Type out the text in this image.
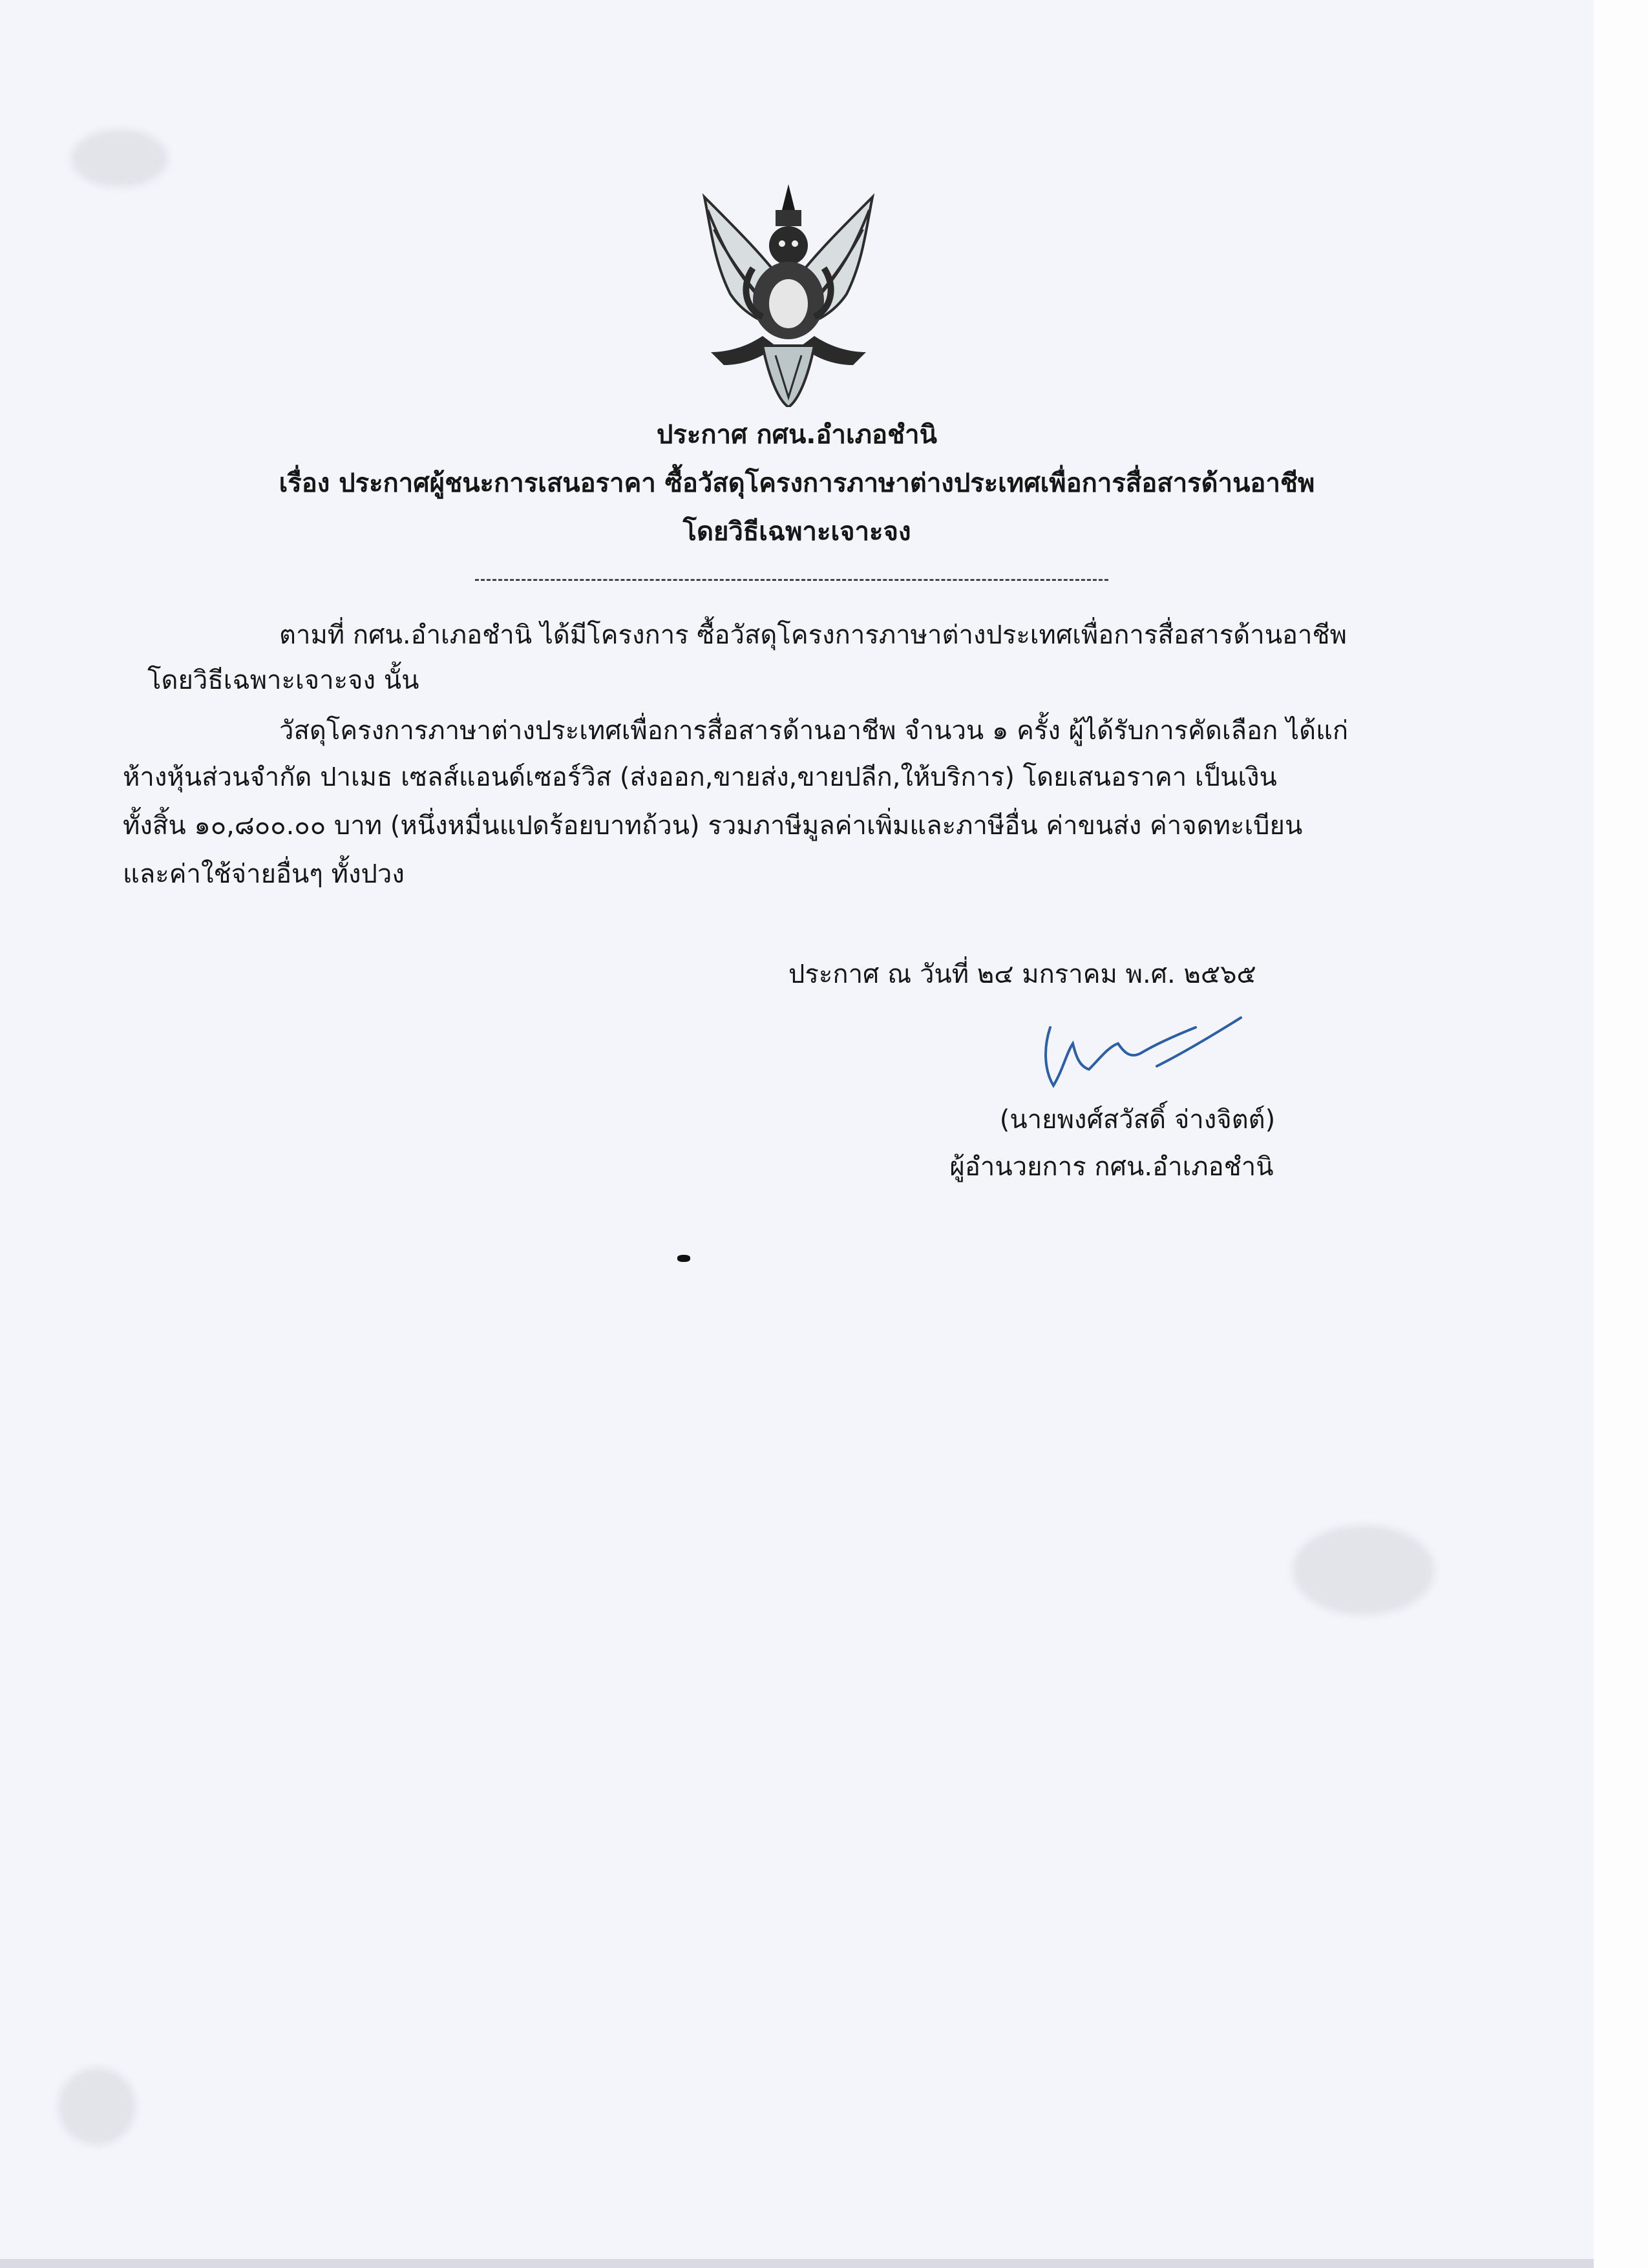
ประกาศ กศน.อำเภอชำนิ
เรื่อง ประกาศผู้ชนะการเสนอราคา ซื้อวัสดุโครงการภาษาต่างประเทศเพื่อการสื่อสารด้านอาชีพ
โดยวิธีเฉพาะเจาะจง
ตามที่ กศน.อำเภอชำนิ ได้มีโครงการ ซื้อวัสดุโครงการภาษาต่างประเทศเพื่อการสื่อสารด้านอาชีพ
โดยวิธีเฉพาะเจาะจง นั้น
วัสดุโครงการภาษาต่างประเทศเพื่อการสื่อสารด้านอาชีพ จำนวน ๑ ครั้ง ผู้ได้รับการคัดเลือก ได้แก่
ห้างหุ้นส่วนจำกัด ปาเมธ เซลส์แอนด์เซอร์วิส (ส่งออก,ขายส่ง,ขายปลีก,ให้บริการ) โดยเสนอราคา เป็นเงิน
ทั้งสิ้น ๑๐,๘๐๐.๐๐ บาท (หนึ่งหมื่นแปดร้อยบาทถ้วน) รวมภาษีมูลค่าเพิ่มและภาษีอื่น ค่าขนส่ง ค่าจดทะเบียน
และค่าใช้จ่ายอื่นๆ ทั้งปวง
ประกาศ ณ วันที่ ๒๔ มกราคม พ.ศ. ๒๕๖๕
(นายพงศ์สวัสดิ์ จ่างจิตต์)
ผู้อำนวยการ กศน.อำเภอชำนิ
